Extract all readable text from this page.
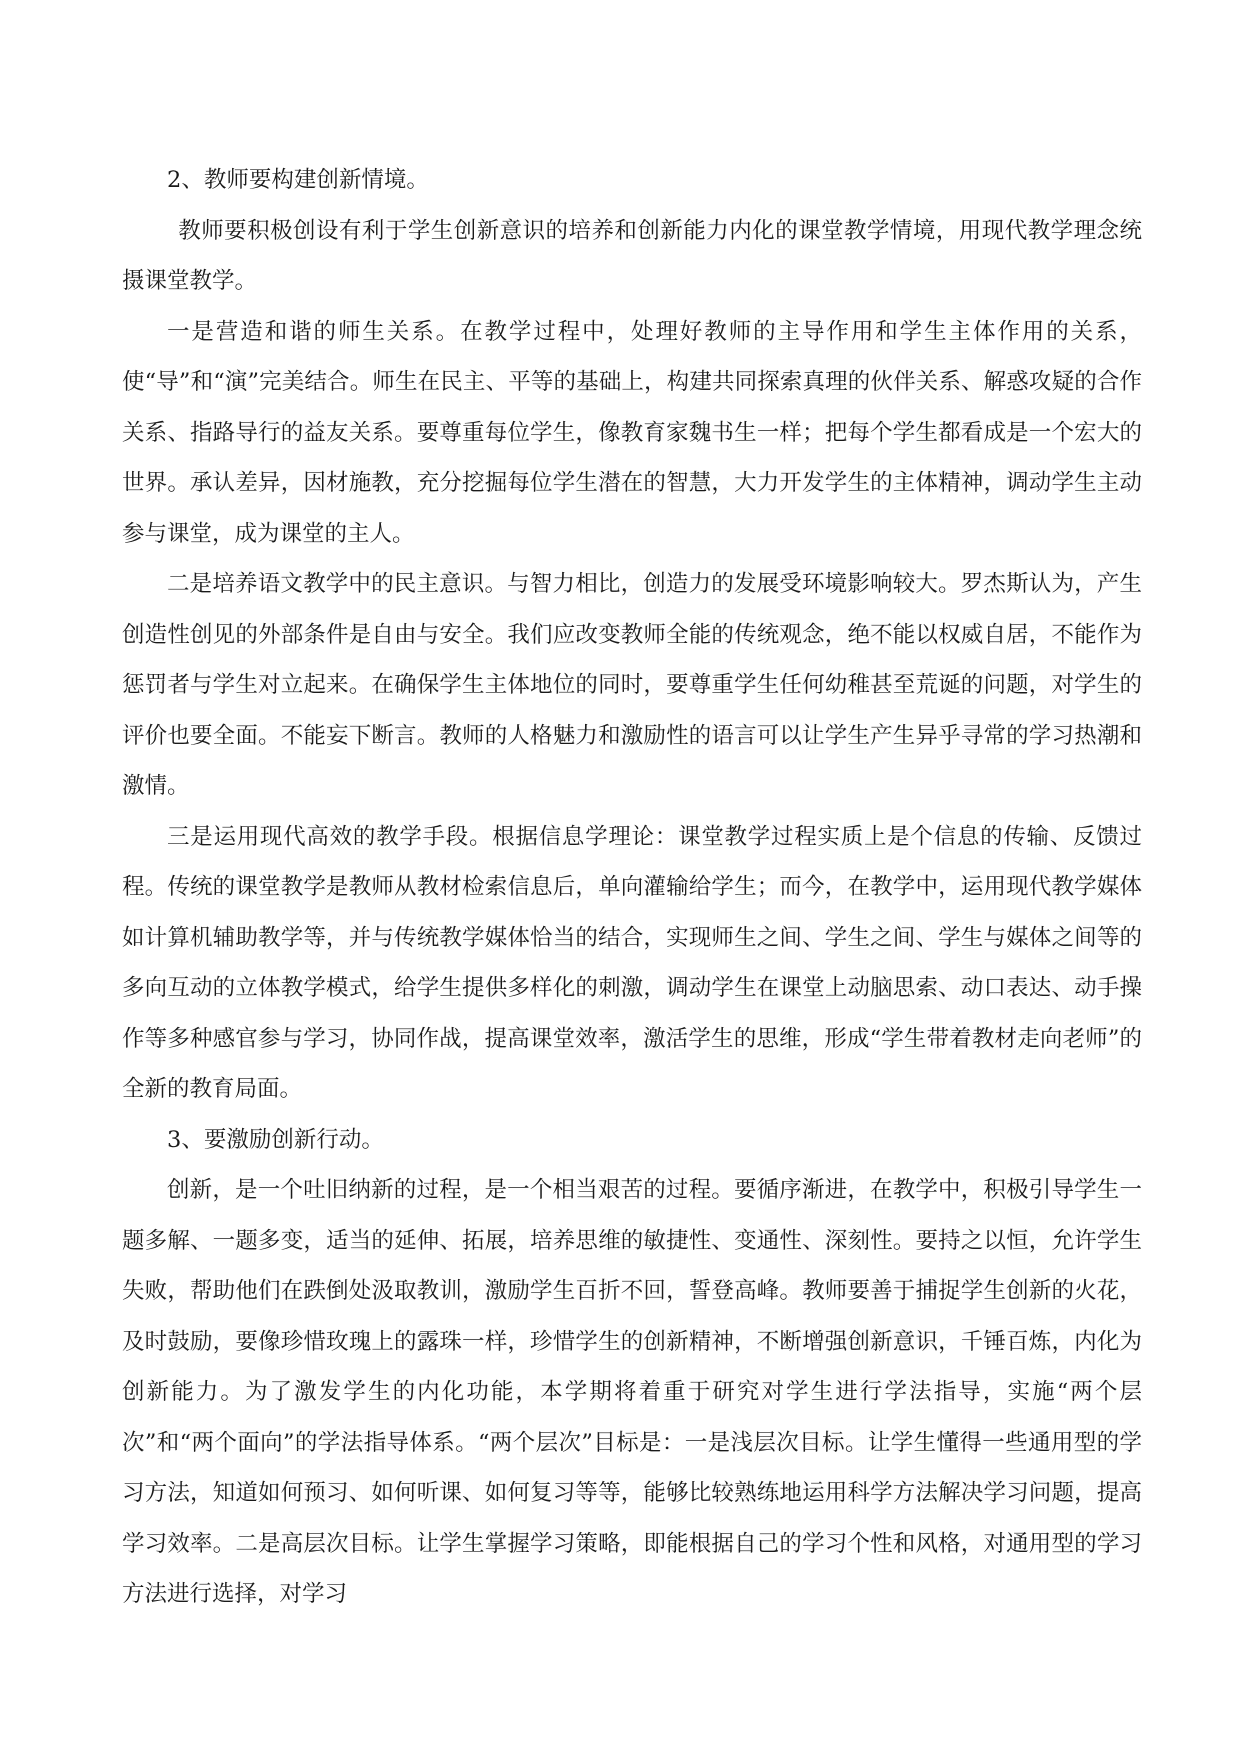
2、教师要构建创新情境。

教师要积极创设有利于学生创新意识的培养和创新能力内化的课堂教学情境，用现代教学理念统摄课堂教学。

一是营造和谐的师生关系。在教学过程中，处理好教师的主导作用和学生主体作用的关系，使“导”和“演”完美结合。师生在民主、平等的基础上，构建共同探索真理的伙伴关系、解惑攻疑的合作关系、指路导行的益友关系。要尊重每位学生，像教育家魏书生一样；把每个学生都看成是一个宏大的世界。承认差异，因材施教，充分挖掘每位学生潜在的智慧，大力开发学生的主体精神，调动学生主动参与课堂，成为课堂的主人。

二是培养语文教学中的民主意识。与智力相比，创造力的发展受环境影响较大。罗杰斯认为，产生创造性创见的外部条件是自由与安全。我们应改变教师全能的传统观念，绝不能以权威自居，不能作为惩罚者与学生对立起来。在确保学生主体地位的同时，要尊重学生任何幼稚甚至荒诞的问题，对学生的评价也要全面。不能妄下断言。教师的人格魅力和激励性的语言可以让学生产生异乎寻常的学习热潮和激情。

三是运用现代高效的教学手段。根据信息学理论：课堂教学过程实质上是个信息的传输、反馈过程。传统的课堂教学是教师从教材检索信息后，单向灌输给学生；而今，在教学中，运用现代教学媒体如计算机辅助教学等，并与传统教学媒体恰当的结合，实现师生之间、学生之间、学生与媒体之间等的多向互动的立体教学模式，给学生提供多样化的刺激，调动学生在课堂上动脑思索、动口表达、动手操作等多种感官参与学习，协同作战，提高课堂效率，激活学生的思维，形成“学生带着教材走向老师”的全新的教育局面。

3、要激励创新行动。

创新，是一个吐旧纳新的过程，是一个相当艰苦的过程。要循序渐进，在教学中，积极引导学生一题多解、一题多变，适当的延伸、拓展，培养思维的敏捷性、变通性、深刻性。要持之以恒，允许学生失败，帮助他们在跌倒处汲取教训，激励学生百折不回，誓登高峰。教师要善于捕捉学生创新的火花，及时鼓励，要像珍惜玫瑰上的露珠一样，珍惜学生的创新精神，不断增强创新意识，千锤百炼，内化为创新能力。为了激发学生的内化功能，本学期将着重于研究对学生进行学法指导，实施“两个层次”和“两个面向”的学法指导体系。“两个层次”目标是：一是浅层次目标。让学生懂得一些通用型的学习方法，知道如何预习、如何听课、如何复习等等，能够比较熟练地运用科学方法解决学习问题，提高学习效率。二是高层次目标。让学生掌握学习策略，即能根据自己的学习个性和风格，对通用型的学习方法进行选择，对学习
